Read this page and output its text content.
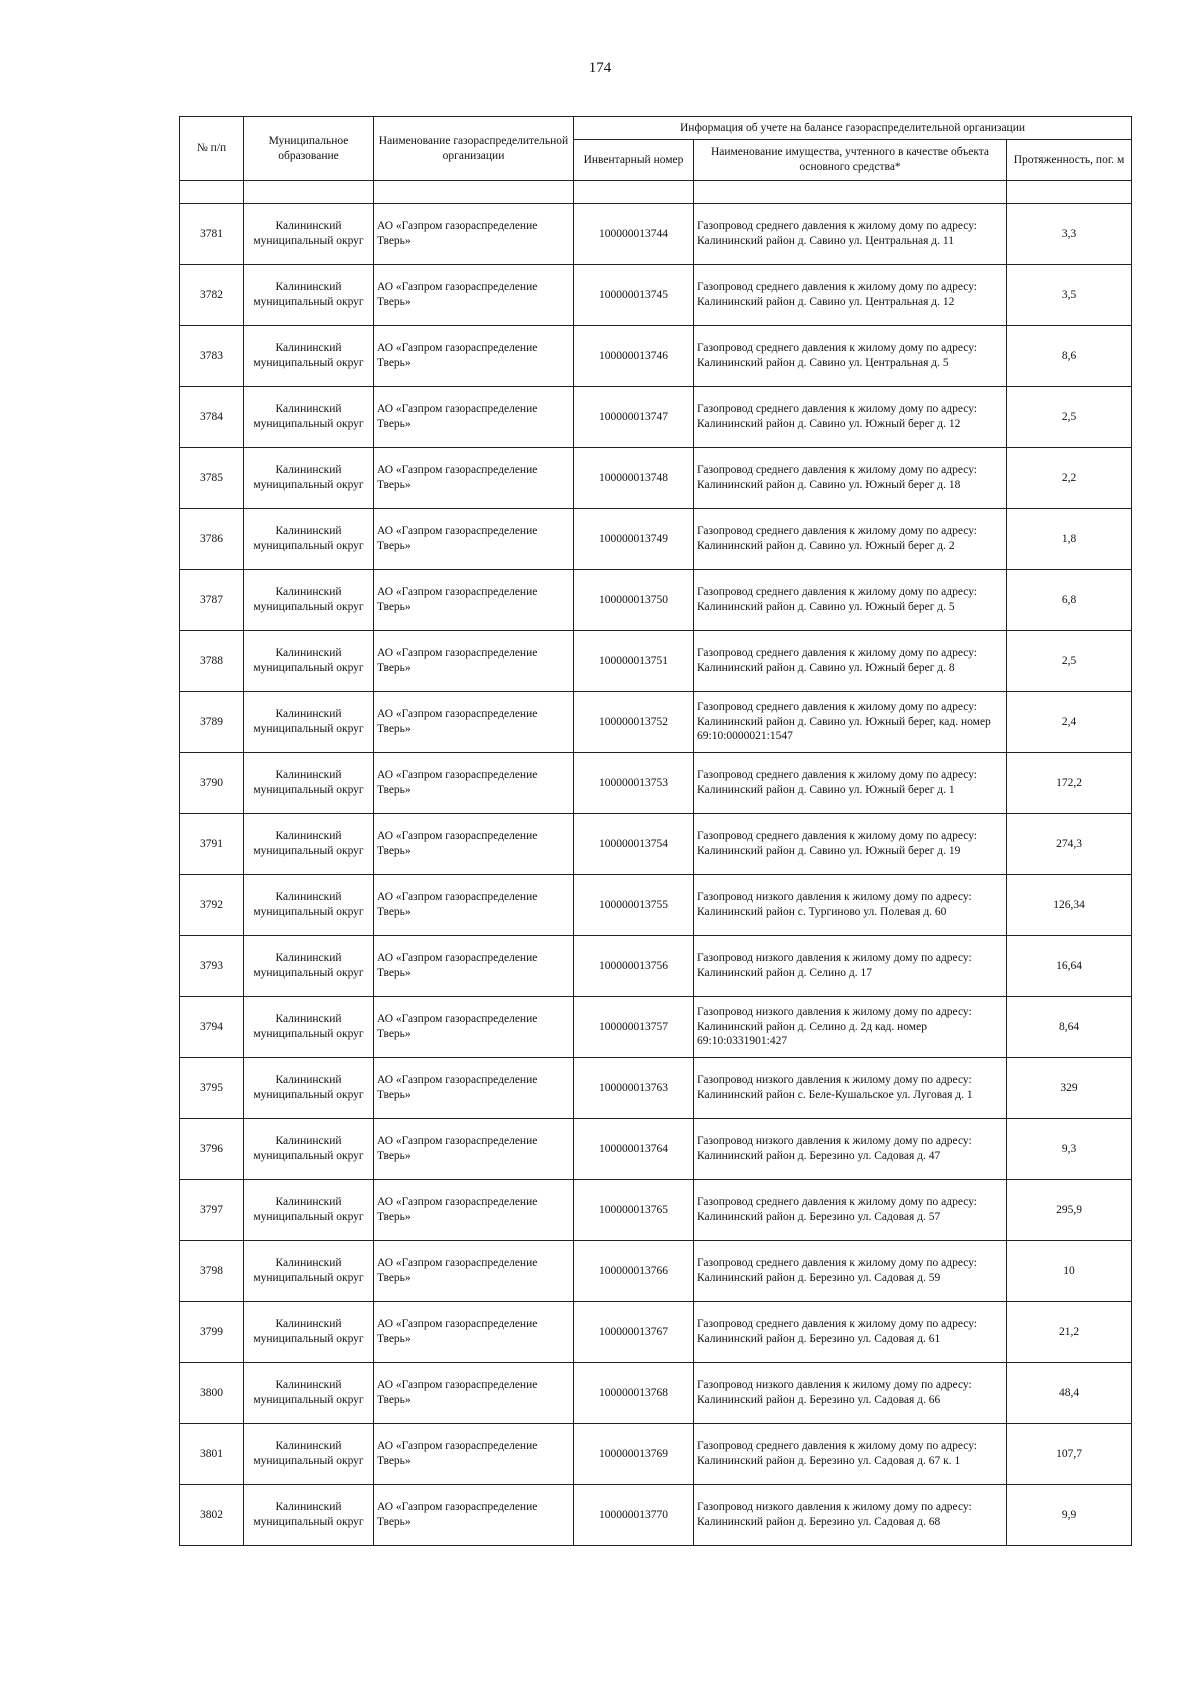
174
№ п/п	Муниципальное образование	Наименование газораспределительной организации	Информация об учете на балансе газораспределительной организации		
			Инвентарный номер	Наименование имущества, учтенного в качестве объекта основного средства*	Протяженность, пог. м

3781	Калининский муниципальный округ	АО «Газпром газораспределение Тверь»	100000013744	Газопровод среднего давления к жилому дому по адресу: Калининский район д. Савино ул. Центральная д. 11	3,3
3782	Калининский муниципальный округ	АО «Газпром газораспределение Тверь»	100000013745	Газопровод среднего давления к жилому дому по адресу: Калининский район д. Савино ул. Центральная д. 12	3,5
3783	Калининский муниципальный округ	АО «Газпром газораспределение Тверь»	100000013746	Газопровод среднего давления к жилому дому по адресу: Калининский район д. Савино ул. Центральная д. 5	8,6
3784	Калининский муниципальный округ	АО «Газпром газораспределение Тверь»	100000013747	Газопровод среднего давления к жилому дому по адресу: Калининский район д. Савино ул. Южный берег д. 12	2,5
3785	Калининский муниципальный округ	АО «Газпром газораспределение Тверь»	100000013748	Газопровод среднего давления к жилому дому по адресу: Калининский район д. Савино ул. Южный берег д. 18	2,2
3786	Калининский муниципальный округ	АО «Газпром газораспределение Тверь»	100000013749	Газопровод среднего давления к жилому дому по адресу: Калининский район д. Савино ул. Южный берег д. 2	1,8
3787	Калининский муниципальный округ	АО «Газпром газораспределение Тверь»	100000013750	Газопровод среднего давления к жилому дому по адресу: Калининский район д. Савино ул. Южный берег д. 5	6,8
3788	Калининский муниципальный округ	АО «Газпром газораспределение Тверь»	100000013751	Газопровод среднего давления к жилому дому по адресу: Калининский район д. Савино ул. Южный берег д. 8	2,5
3789	Калининский муниципальный округ	АО «Газпром газораспределение Тверь»	100000013752	Газопровод среднего давления к жилому дому по адресу: Калининский район д. Савино ул. Южный берег, кад. номер 69:10:0000021:1547	2,4
3790	Калининский муниципальный округ	АО «Газпром газораспределение Тверь»	100000013753	Газопровод среднего давления к жилому дому по адресу: Калининский район д. Савино ул. Южный берег д. 1	172,2
3791	Калининский муниципальный округ	АО «Газпром газораспределение Тверь»	100000013754	Газопровод среднего давления к жилому дому по адресу: Калининский район д. Савино ул. Южный берег д. 19	274,3
3792	Калининский муниципальный округ	АО «Газпром газораспределение Тверь»	100000013755	Газопровод низкого давления к жилому дому по адресу: Калининский район с. Тургиново ул. Полевая д. 60	126,34
3793	Калининский муниципальный округ	АО «Газпром газораспределение Тверь»	100000013756	Газопровод низкого давления к жилому дому по адресу: Калининский район д. Селино д. 17	16,64
3794	Калининский муниципальный округ	АО «Газпром газораспределение Тверь»	100000013757	Газопровод низкого давления к жилому дому по адресу: Калининский район д. Селино д. 2д кад. номер 69:10:0331901:427	8,64
3795	Калининский муниципальный округ	АО «Газпром газораспределение Тверь»	100000013763	Газопровод низкого давления к жилому дому по адресу: Калининский район с. Беле-Кушальское ул. Луговая д. 1	329
3796	Калининский муниципальный округ	АО «Газпром газораспределение Тверь»	100000013764	Газопровод низкого давления к жилому дому по адресу: Калининский район д. Березино ул. Садовая д. 47	9,3
3797	Калининский муниципальный округ	АО «Газпром газораспределение Тверь»	100000013765	Газопровод среднего давления к жилому дому по адресу: Калининский район д. Березино ул. Садовая д. 57	295,9
3798	Калининский муниципальный округ	АО «Газпром газораспределение Тверь»	100000013766	Газопровод среднего давления к жилому дому по адресу: Калининский район д. Березино ул. Садовая д. 59	10
3799	Калининский муниципальный округ	АО «Газпром газораспределение Тверь»	100000013767	Газопровод среднего давления к жилому дому по адресу: Калининский район д. Березино ул. Садовая д. 61	21,2
3800	Калининский муниципальный округ	АО «Газпром газораспределение Тверь»	100000013768	Газопровод низкого давления к жилому дому по адресу: Калининский район д. Березино ул. Садовая д. 66	48,4
3801	Калининский муниципальный округ	АО «Газпром газораспределение Тверь»	100000013769	Газопровод среднего давления к жилому дому по адресу: Калининский район д. Березино ул. Садовая д. 67 к. 1	107,7
3802	Калининский муниципальный округ	АО «Газпром газораспределение Тверь»	100000013770	Газопровод низкого давления к жилому дому по адресу: Калининский район д. Березино ул. Садовая д. 68	9,9
